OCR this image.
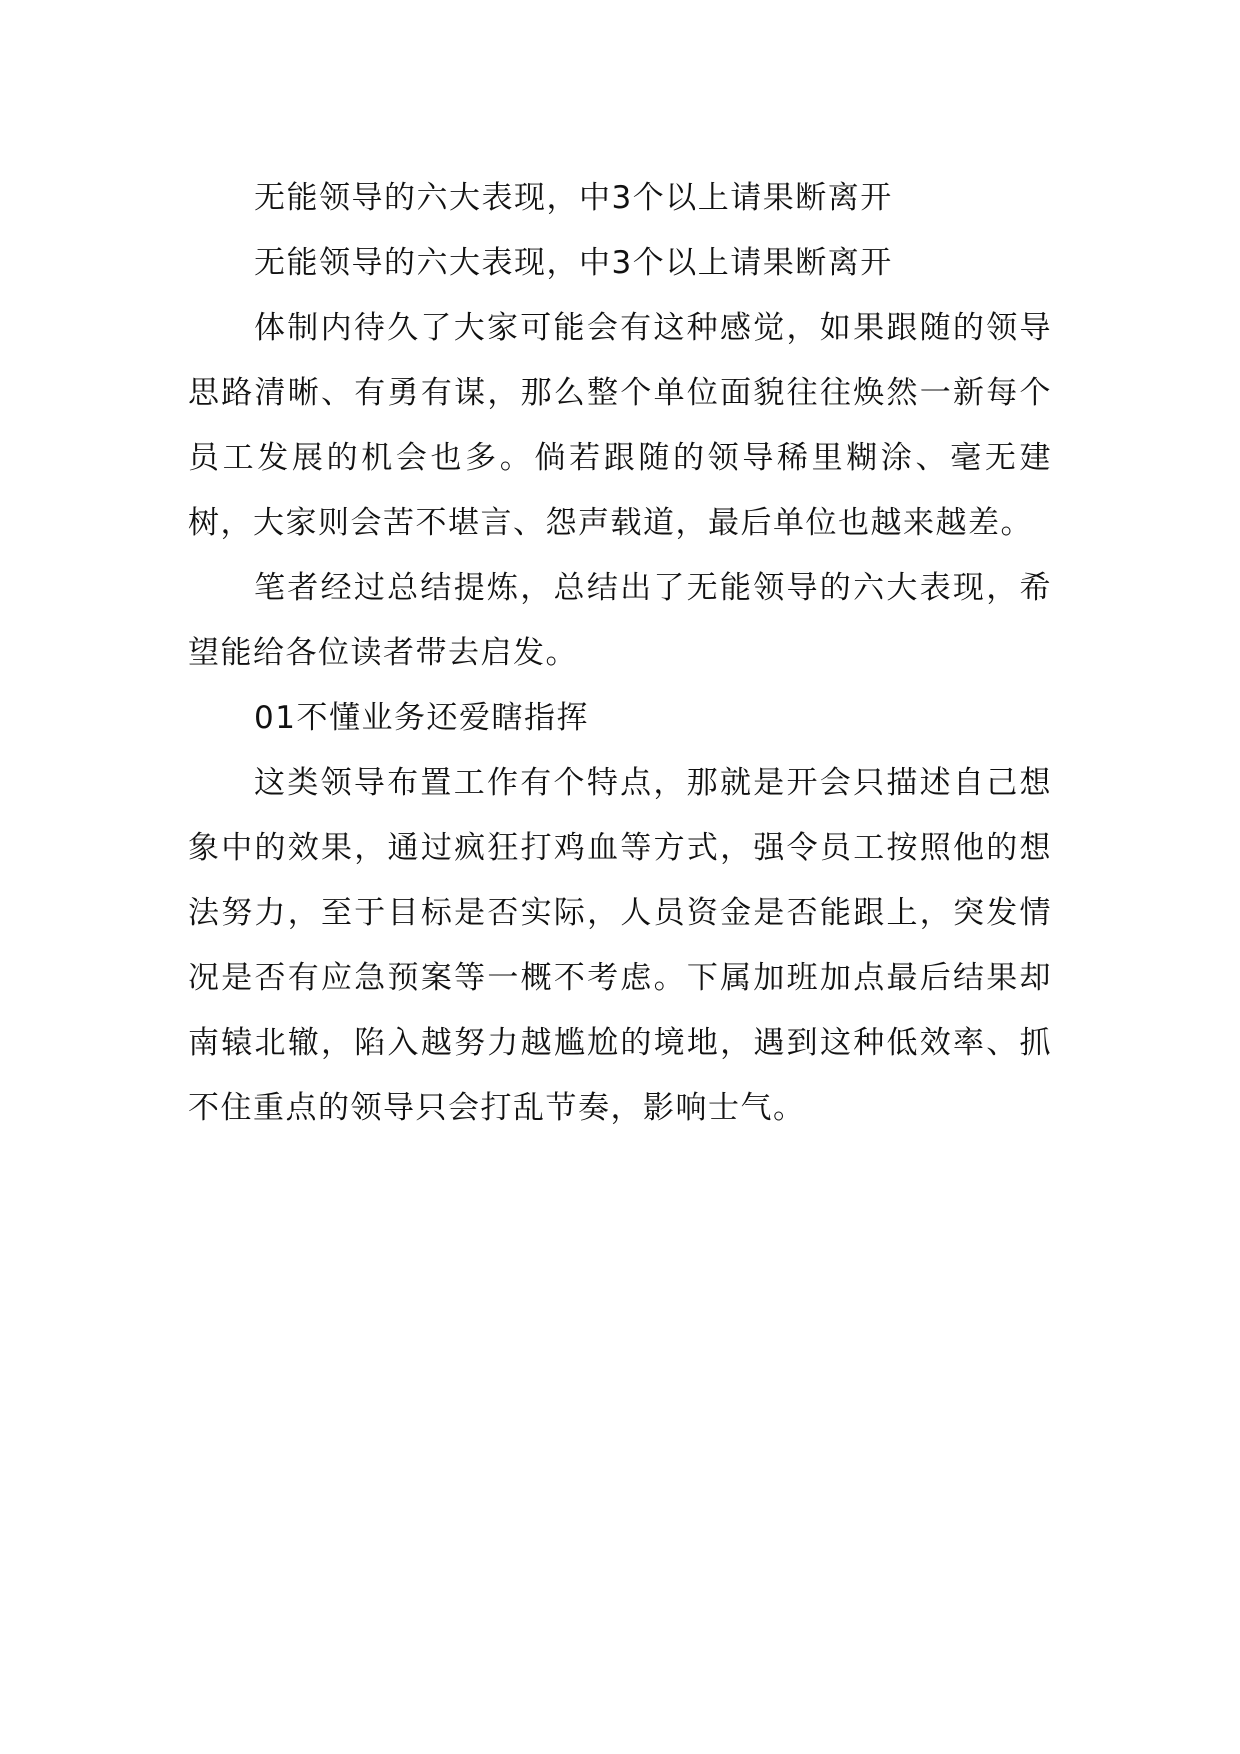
无能领导的六大表现，中3个以上请果断离开

无能领导的六大表现，中3个以上请果断离开

体制内待久了大家可能会有这种感觉，如果跟随的领导思路清晰、有勇有谋，那么整个单位面貌往往焕然一新每个员工发展的机会也多。倘若跟随的领导稀里糊涂、毫无建树，大家则会苦不堪言、怨声载道，最后单位也越来越差。

笔者经过总结提炼，总结出了无能领导的六大表现，希望能给各位读者带去启发。

01不懂业务还爱瞎指挥

这类领导布置工作有个特点，那就是开会只描述自己想象中的效果，通过疯狂打鸡血等方式，强令员工按照他的想法努力，至于目标是否实际，人员资金是否能跟上，突发情况是否有应急预案等一概不考虑。下属加班加点最后结果却南辕北辙，陷入越努力越尴尬的境地，遇到这种低效率、抓不住重点的领导只会打乱节奏，影响士气。
